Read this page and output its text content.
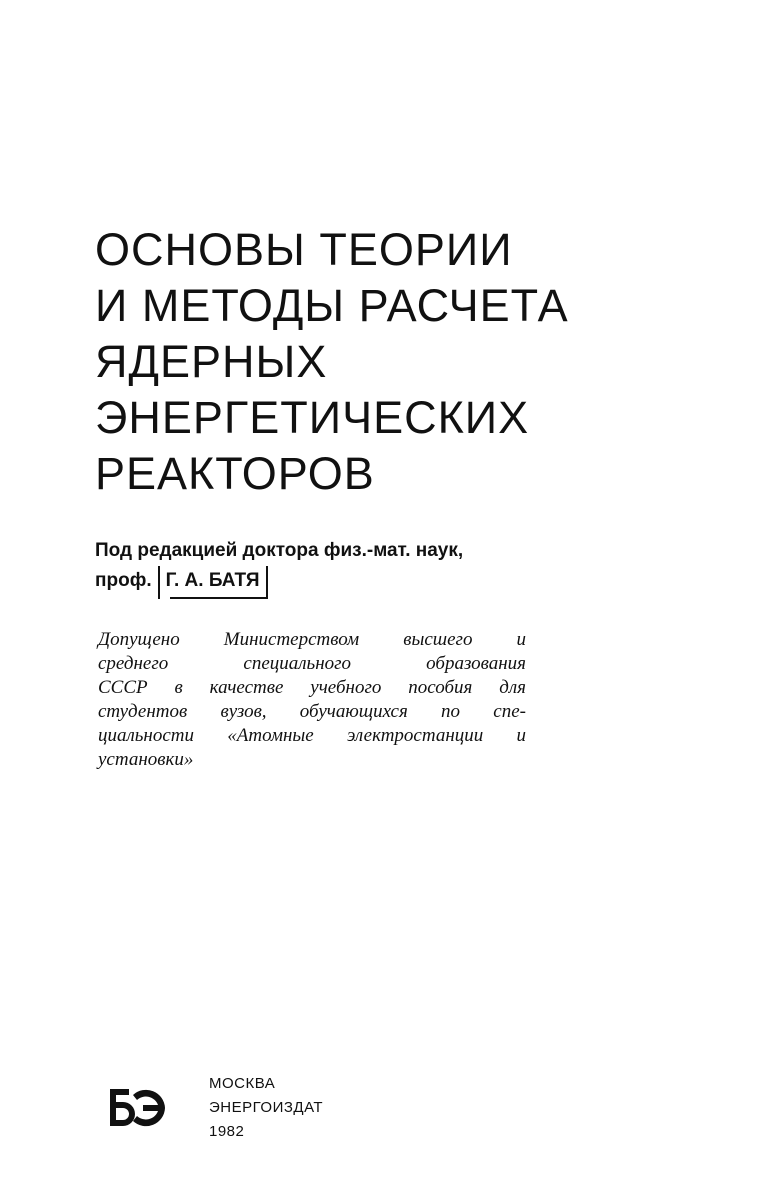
ОСНОВЫ ТЕОРИИ
И МЕТОДЫ РАСЧЕТА
ЯДЕРНЫХ
ЭНЕРГЕТИЧЕСКИХ
РЕАКТОРОВ
Под редакцией доктора физ.-мат. наук,
проф. Г. А. БАТЯ
Допущено Министерством высшего и
среднего специального образования
СССР в качестве учебного пособия для
студентов вузов, обучающихся по спе-
циальности «Атомные электростанции и
установки»
МОСКВА
ЭНЕРГОИЗДАТ
1982
